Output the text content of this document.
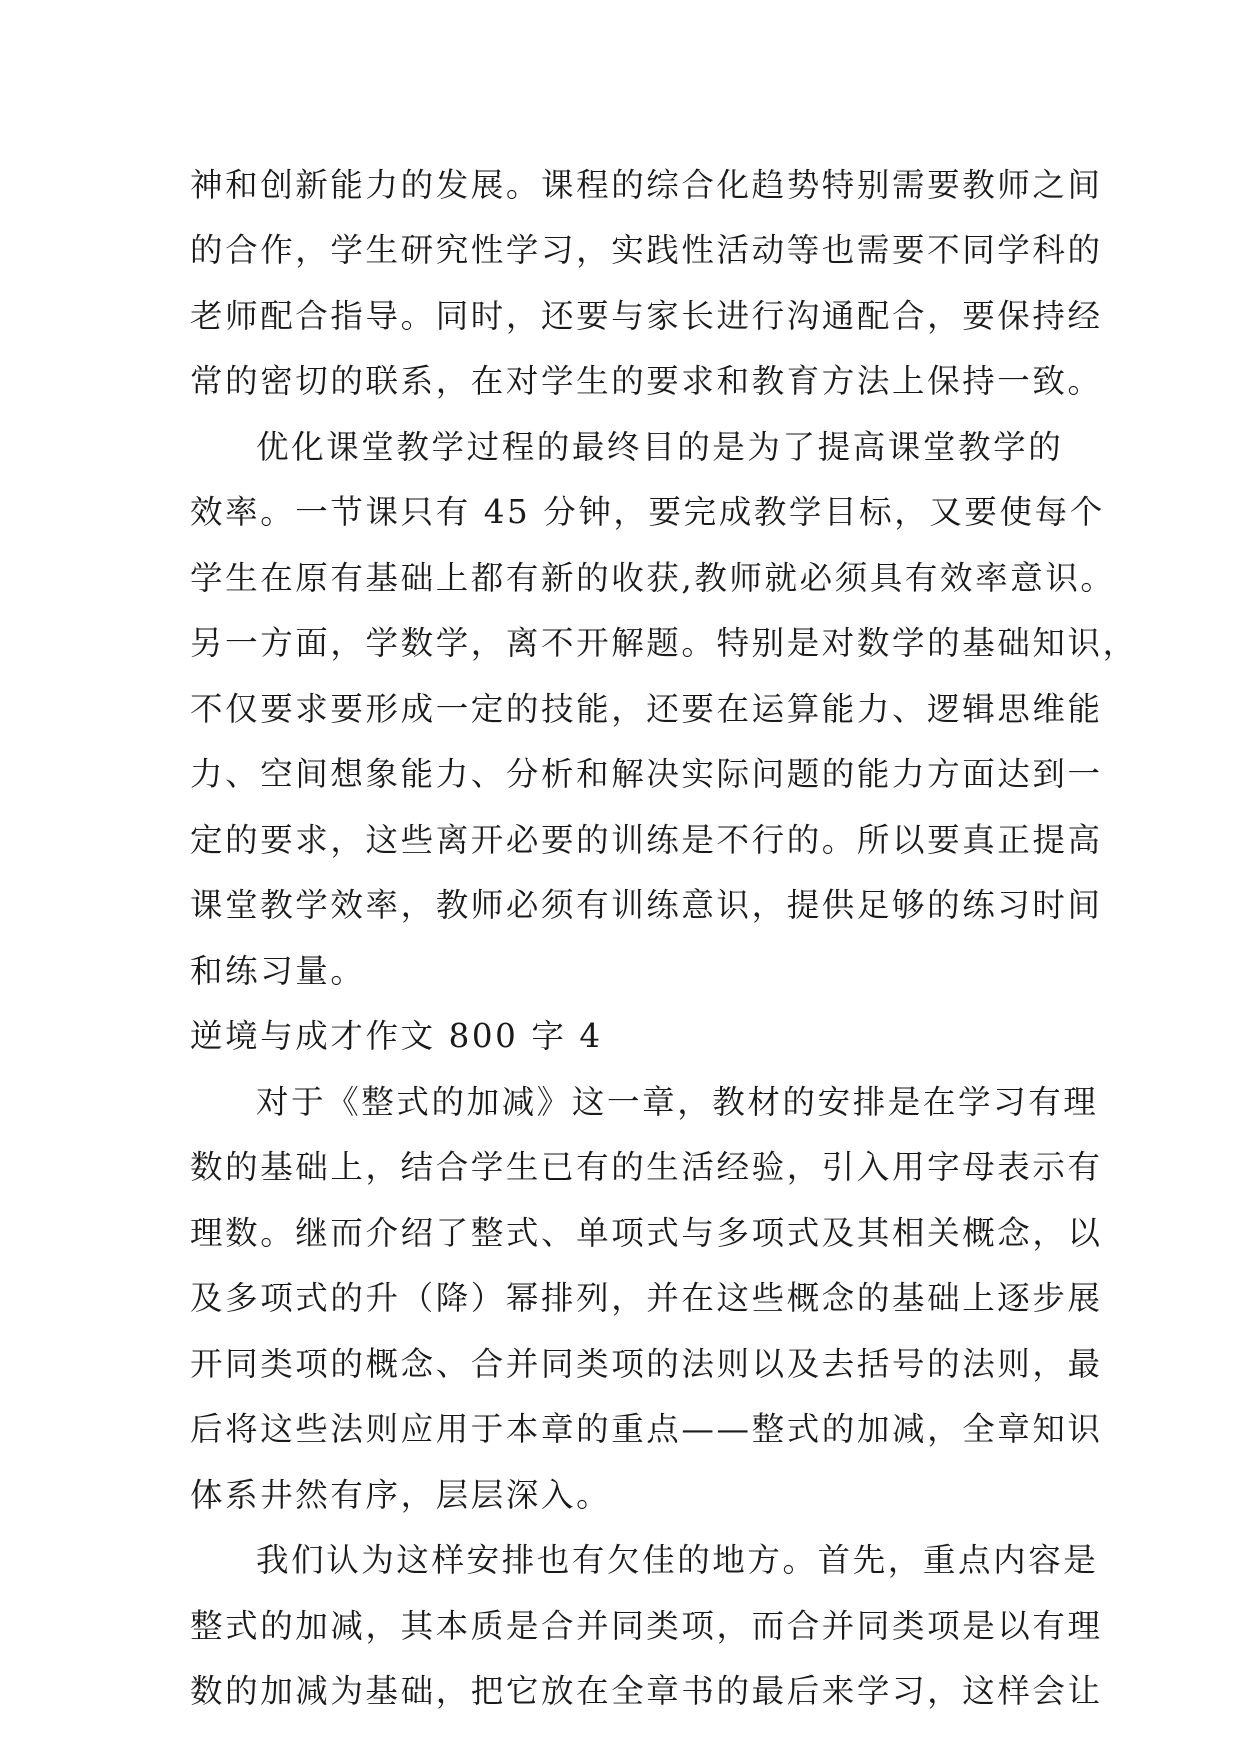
神和创新能力的发展。课程的综合化趋势特别需要教师之间

的合作，学生研究性学习，实践性活动等也需要不同学科的

老师配合指导。同时，还要与家长进行沟通配合，要保持经

常的密切的联系，在对学生的要求和教育方法上保持一致。

优化课堂教学过程的最终目的是为了提高课堂教学的

效率。一节课只有 45 分钟，要完成教学目标，又要使每个

学生在原有基础上都有新的收获,教师就必须具有效率意识。

另一方面，学数学，离不开解题。特别是对数学的基础知识，

不仅要求要形成一定的技能，还要在运算能力、逻辑思维能

力、空间想象能力、分析和解决实际问题的能力方面达到一

定的要求，这些离开必要的训练是不行的。所以要真正提高

课堂教学效率，教师必须有训练意识，提供足够的练习时间

和练习量。

逆境与成才作文 800 字 4

对于《整式的加减》这一章，教材的安排是在学习有理

数的基础上，结合学生已有的生活经验，引入用字母表示有

理数。继而介绍了整式、单项式与多项式及其相关概念，以

及多项式的升（降）幂排列，并在这些概念的基础上逐步展

开同类项的概念、合并同类项的法则以及去括号的法则，最

后将这些法则应用于本章的重点——整式的加减，全章知识

体系井然有序，层层深入。

我们认为这样安排也有欠佳的地方。首先，重点内容是

整式的加减，其本质是合并同类项，而合并同类项是以有理

数的加减为基础，把它放在全章书的最后来学习，这样会让
